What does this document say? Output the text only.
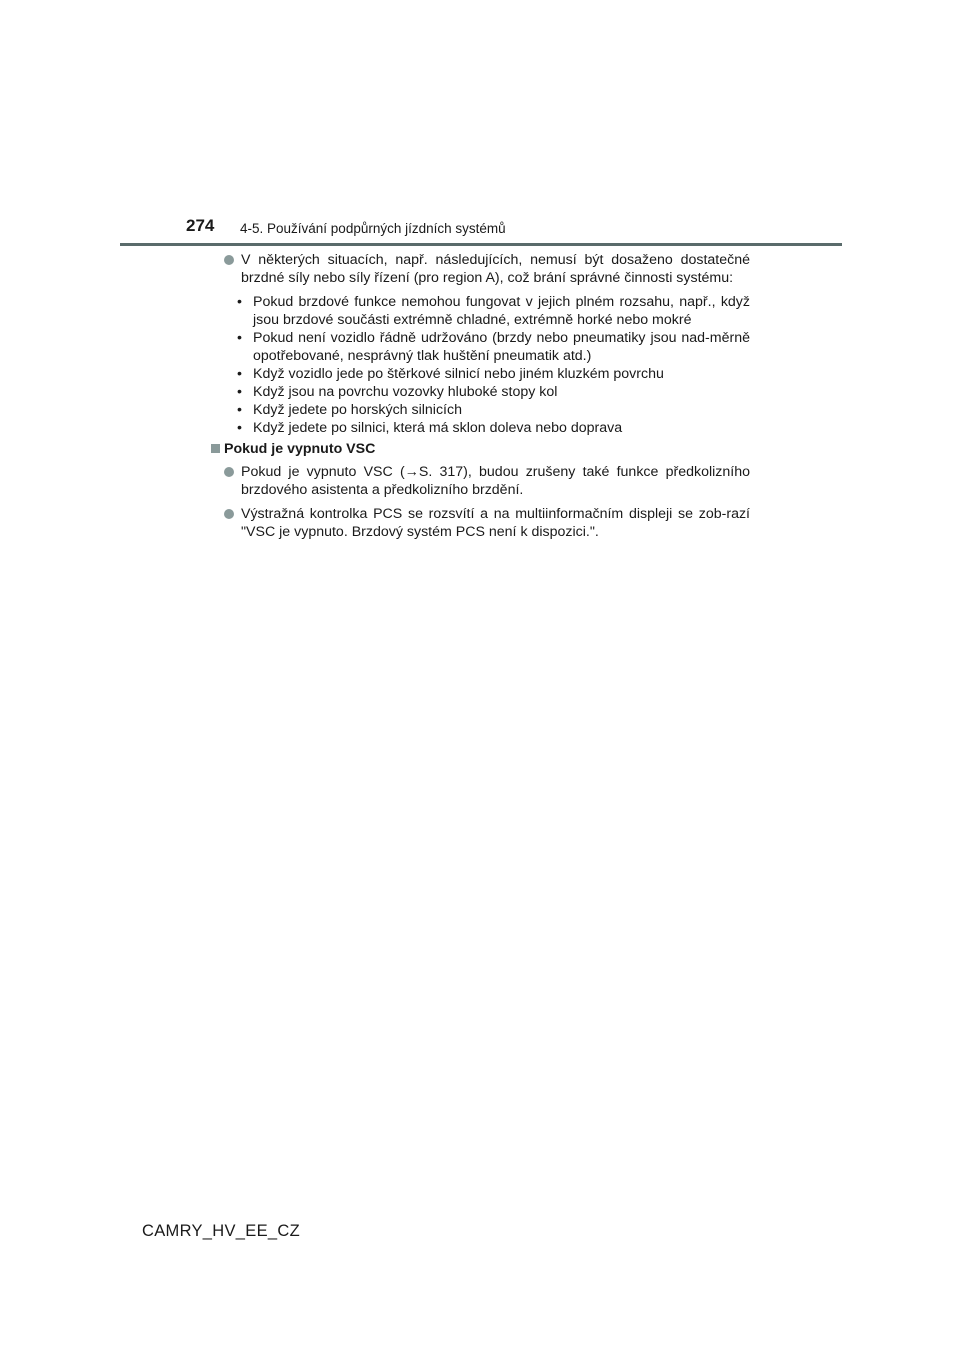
274 4-5. Používání podpůrných jízdních systémů
V některých situacích, např. následujících, nemusí být dosaženo dostatečné brzdné síly nebo síly řízení (pro region A), což brání správné činnosti systému:
• Pokud brzdové funkce nemohou fungovat v jejich plném rozsahu, např., když jsou brzdové součásti extrémně chladné, extrémně horké nebo mokré
• Pokud není vozidlo řádně udržováno (brzdy nebo pneumatiky jsou nad-měrně opotřebované, nesprávný tlak huštění pneumatik atd.)
• Když vozidlo jede po štěrkové silnicí nebo jiném kluzkém povrchu
• Když jsou na povrchu vozovky hluboké stopy kol
• Když jedete po horských silnicích
• Když jedete po silnici, která má sklon doleva nebo doprava
Pokud je vypnuto VSC
Pokud je vypnuto VSC (→S. 317), budou zrušeny také funkce předkolizního brzdového asistenta a předkolizního brzdění.
Výstražná kontrolka PCS se rozsvítí a na multiinformačním displeji se zob-razí "VSC je vypnuto. Brzdový systém PCS není k dispozici.".
CAMRY_HV_EE_CZ
